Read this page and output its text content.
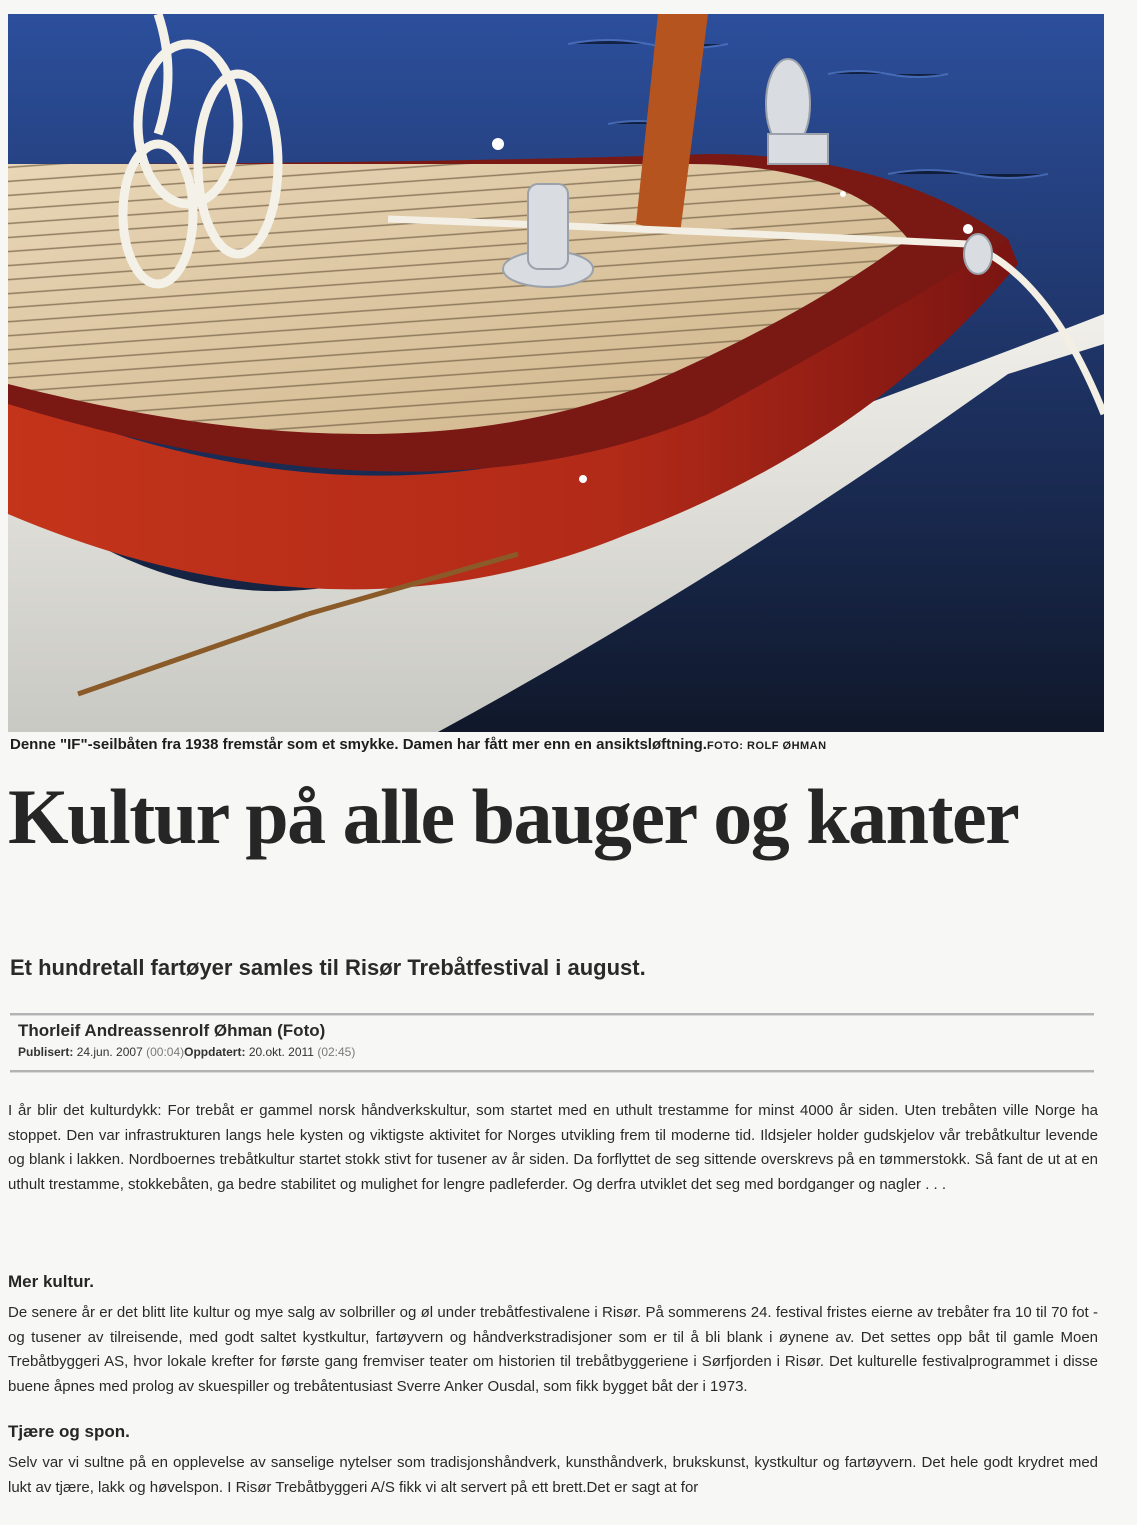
Denne "IF"-seilbåten fra 1938 fremstår som et smykke. Damen har fått mer enn en ansiktsløftning.FOTO: ROLF ØHMAN
Kultur på alle bauger og kanter
Et hundretall fartøyer samles til Risør Trebåtfestival i august.
Thorleif Andreassenrolf Øhman (Foto)
Publisert: 24.jun. 2007 (00:04)Oppdatert: 20.okt. 2011 (02:45)

I år blir det kulturdykk: For trebåt er gammel norsk håndverkskultur, som startet med en uthult trestamme for minst 4000 år siden. Uten trebåten ville Norge ha stoppet. Den var infrastrukturen langs hele kysten og viktigste aktivitet for Norges utvikling frem til moderne tid. Ildsjeler holder gudskjelov vår trebåtkultur levende og blank i lakken. Nordboernes trebåtkultur startet stokk stivt for tusener av år siden. Da forflyttet de seg sittende overskrevs på en tømmerstokk. Så fant de ut at en uthult trestamme, stokkebåten, ga bedre stabilitet og mulighet for lengre padleferder. Og derfra utviklet det seg med bordganger og nagler . . .

Mer kultur.

De senere år er det blitt lite kultur og mye salg av solbriller og øl under trebåtfestivalene i Risør. På sommerens 24. festival fristes eierne av trebåter fra 10 til 70 fot - og tusener av tilreisende, med godt saltet kystkultur, fartøyvern og håndverkstradisjoner som er til å bli blank i øynene av. Det settes opp båt til gamle Moen Trebåtbyggeri AS, hvor lokale krefter for første gang fremviser teater om historien til trebåtbyggeriene i Sørfjorden i Risør. Det kulturelle festivalprogrammet i disse buene åpnes med prolog av skuespiller og trebåtentusiast Sverre Anker Ousdal, som fikk bygget båt der i 1973.

Tjære og spon.

Selv var vi sultne på en opplevelse av sanselige nytelser som tradisjonshåndverk, kunsthåndverk, brukskunst, kystkultur og fartøyvern. Det hele godt krydret med lukt av tjære, lakk og høvelspon. I Risør Trebåtbyggeri A/S fikk vi alt servert på ett brett.Det er sagt at for
